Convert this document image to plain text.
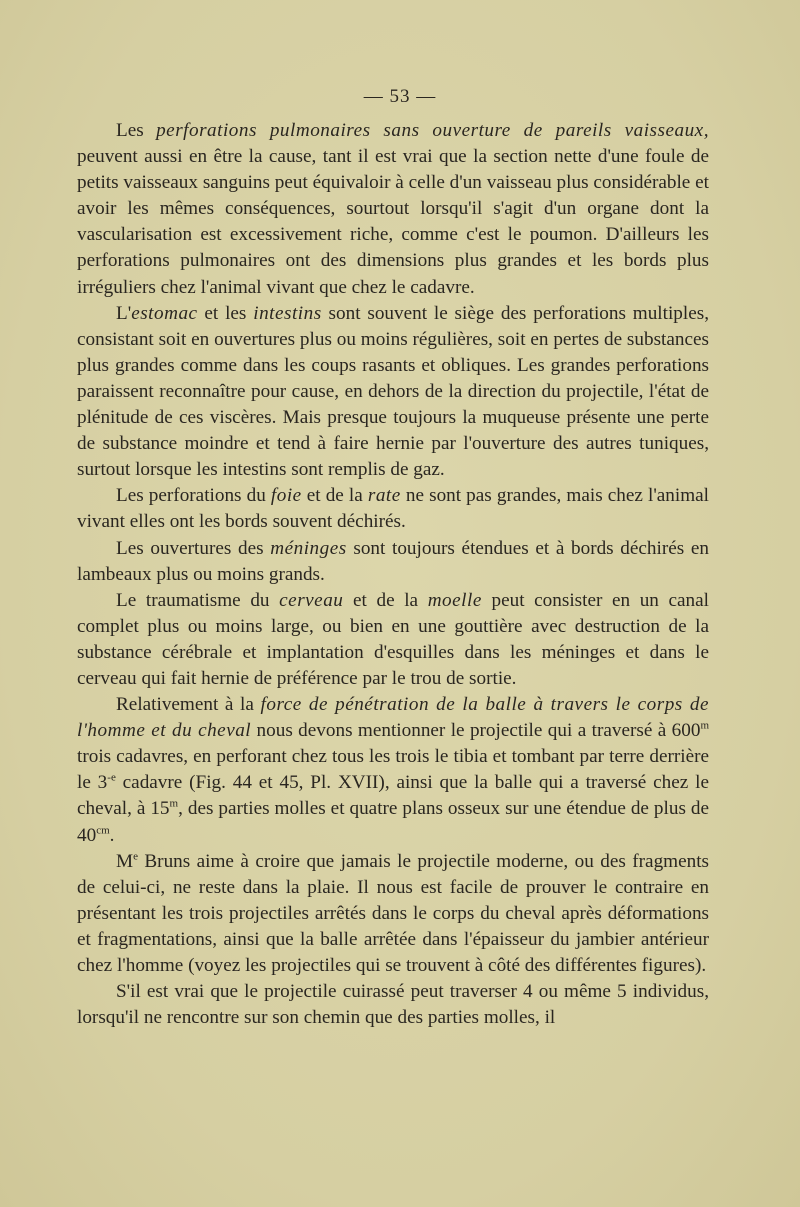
— 53 —

Les perforations pulmonaires sans ouverture de pareils vaisseaux, peuvent aussi en être la cause, tant il est vrai que la section nette d'une foule de petits vaisseaux sanguins peut équivaloir à celle d'un vaisseau plus considérable et avoir les mêmes conséquences, sourtout lorsqu'il s'agit d'un organe dont la vascularisation est excessivement riche, comme c'est le poumon. D'ailleurs les perforations pulmonaires ont des dimensions plus grandes et les bords plus irréguliers chez l'animal vivant que chez le cadavre.

L'estomac et les intestins sont souvent le siège des perforations multiples, consistant soit en ouvertures plus ou moins régulières, soit en pertes de substances plus grandes comme dans les coups rasants et obliques. Les grandes perforations paraissent reconnaître pour cause, en dehors de la direction du projectile, l'état de plénitude de ces viscères. Mais presque toujours la muqueuse présente une perte de substance moindre et tend à faire hernie par l'ouverture des autres tuniques, surtout lorsque les intestins sont remplis de gaz.

Les perforations du foie et de la rate ne sont pas grandes, mais chez l'animal vivant elles ont les bords souvent déchirés.

Les ouvertures des méninges sont toujours étendues et à bords déchirés en lambeaux plus ou moins grands.

Le traumatisme du cerveau et de la moelle peut consister en un canal complet plus ou moins large, ou bien en une gouttière avec destruction de la substance cérébrale et implantation d'esquilles dans les méninges et dans le cerveau qui fait hernie de préférence par le trou de sortie.

Relativement à la force de pénétration de la balle à travers le corps de l'homme et du cheval nous devons mentionner le projectile qui a traversé à 600$^m$ trois cadavres, en perforant chez tous les trois le tibia et tombant par terre derrière le $3^{-e}$ cadavre (Fig. 44 et 45, Pl. XVII), ainsi que la balle qui a traversé chez le cheval, à 15$^m$, des parties molles et quatre plans osseux sur une étendue de plus de $40^{cm}$.

Me Bruns aime à croire que jamais le projectile moderne, ou des fragments de celui-ci, ne reste dans la plaie. Il nous est facile de prouver le contraire en présentant les trois projectiles arrêtés dans le corps du cheval après déformations et fragmentations, ainsi que la balle arrêtée dans l'épaisseur du jambier antérieur chez l'homme (voyez les projectiles qui se trouvent à côté des différentes figures).

S'il est vrai que le projectile cuirassé peut traverser 4 ou même 5 individus, lorsqu'il ne rencontre sur son chemin que des parties molles, il
